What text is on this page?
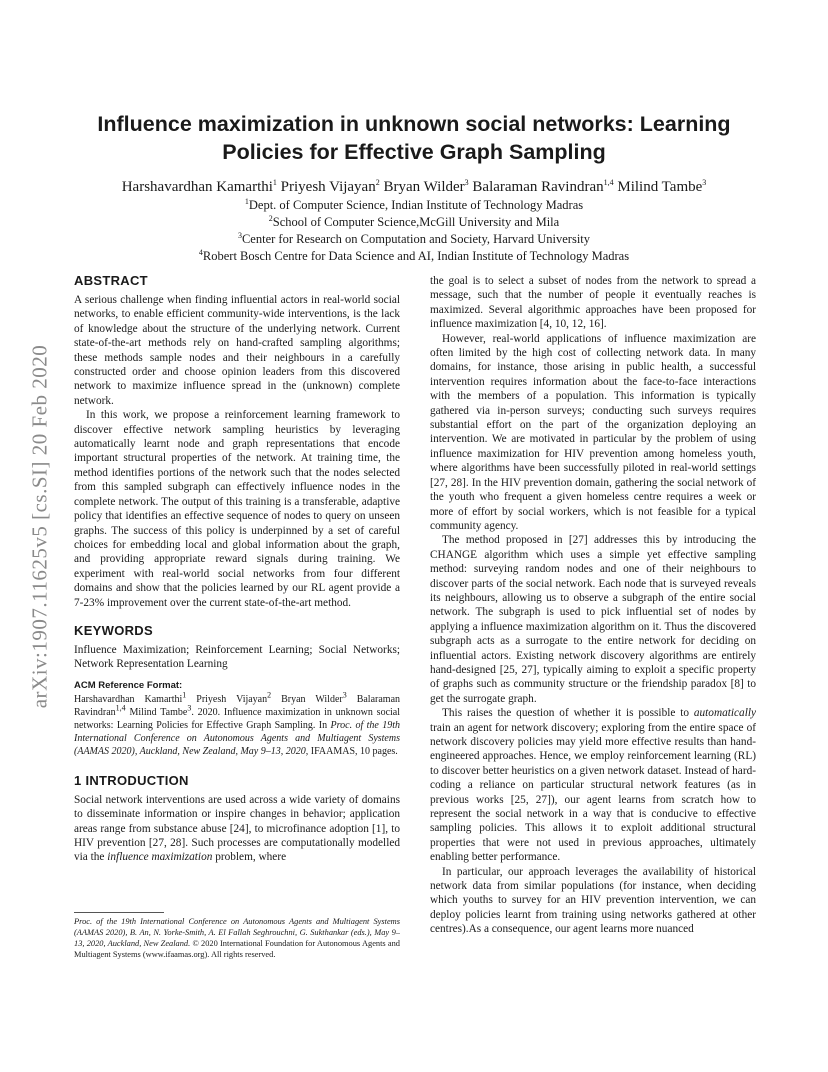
arXiv:1907.11625v5 [cs.SI] 20 Feb 2020
Influence maximization in unknown social networks: Learning
Policies for Effective Graph Sampling
Harshavardhan Kamarthi$^1$ Priyesh Vijayan$^2$ Bryan Wilder$^3$ Balaraman Ravindran$^{1,4}$ Milind Tambe$^3$
$^1$Dept. of Computer Science, Indian Institute of Technology Madras
$^2$School of Computer Science,McGill University and Mila
$^3$Center for Research on Computation and Society, Harvard University
$^4$Robert Bosch Centre for Data Science and AI, Indian Institute of Technology Madras
ABSTRACT

A serious challenge when finding influential actors in real-world social networks, to enable efficient community-wide interventions, is the lack of knowledge about the structure of the underlying network. Current state-of-the-art methods rely on hand-crafted sampling algorithms; these methods sample nodes and their neighbours in a carefully constructed order and choose opinion leaders from this discovered network to maximize influence spread in the (unknown) complete network.

In this work, we propose a reinforcement learning framework to discover effective network sampling heuristics by leveraging automatically learnt node and graph representations that encode important structural properties of the network. At training time, the method identifies portions of the network such that the nodes selected from this sampled subgraph can effectively influence nodes in the complete network. The output of this training is a transferable, adaptive policy that identifies an effective sequence of nodes to query on unseen graphs. The success of this policy is underpinned by a set of careful choices for embedding local and global information about the graph, and providing appropriate reward signals during training. We experiment with real-world social networks from four different domains and show that the policies learned by our RL agent provide a 7-23% improvement over the current state-of-the-art method.

KEYWORDS

Influence Maximization; Reinforcement Learning; Social Networks; Network Representation Learning

ACM Reference Format:

Harshavardhan Kamarthi$^1$ Priyesh Vijayan$^2$ Bryan Wilder$^3$ Balaraman Ravindran$^{1,4}$ Milind Tambe$^3$. 2020. Influence maximization in unknown social networks: Learning Policies for Effective Graph Sampling. In Proc. of the 19th International Conference on Autonomous Agents and Multiagent Systems (AAMAS 2020), Auckland, New Zealand, May 9–13, 2020, IFAAMAS, 10 pages.

1 INTRODUCTION

Social network interventions are used across a wide variety of domains to disseminate information or inspire changes in behavior; application areas range from substance abuse [24], to microfinance adoption [1], to HIV prevention [27, 28]. Such processes are computationally modelled via the influence maximization problem, where

Proc. of the 19th International Conference on Autonomous Agents and Multiagent Systems (AAMAS 2020), B. An, N. Yorke-Smith, A. El Fallah Seghrouchni, G. Sukthankar (eds.), May 9–13, 2020, Auckland, New Zealand. © 2020 International Foundation for Autonomous Agents and Multiagent Systems (www.ifaamas.org). All rights reserved.

the goal is to select a subset of nodes from the network to spread a message, such that the number of people it eventually reaches is maximized. Several algorithmic approaches have been proposed for influence maximization [4, 10, 12, 16].

However, real-world applications of influence maximization are often limited by the high cost of collecting network data. In many domains, for instance, those arising in public health, a successful intervention requires information about the face-to-face interactions with the members of a population. This information is typically gathered via in-person surveys; conducting such surveys requires substantial effort on the part of the organization deploying an intervention. We are motivated in particular by the problem of using influence maximization for HIV prevention among homeless youth, where algorithms have been successfully piloted in real-world settings [27, 28]. In the HIV prevention domain, gathering the social network of the youth who frequent a given homeless centre requires a week or more of effort by social workers, which is not feasible for a typical community agency.

The method proposed in [27] addresses this by introducing the CHANGE algorithm which uses a simple yet effective sampling method: surveying random nodes and one of their neighbours to discover parts of the social network. Each node that is surveyed reveals its neighbours, allowing us to observe a subgraph of the entire social network. The subgraph is used to pick influential set of nodes by applying a influence maximization algorithm on it. Thus the discovered subgraph acts as a surrogate to the entire network for deciding on influential actors. Existing network discovery algorithms are entirely hand-designed [25, 27], typically aiming to exploit a specific property of graphs such as community structure or the friendship paradox [8] to get the surrogate graph.

This raises the question of whether it is possible to automatically train an agent for network discovery; exploring from the entire space of network discovery policies may yield more effective results than hand-engineered approaches. Hence, we employ reinforcement learning (RL) to discover better heuristics on a given network dataset. Instead of hard-coding a reliance on particular structural network features (as in previous works [25, 27]), our agent learns from scratch how to represent the social network in a way that is conducive to effective sampling policies. This allows it to exploit additional structural properties that were not used in previous approaches, ultimately enabling better performance.

In particular, our approach leverages the availability of historical network data from similar populations (for instance, when deciding which youths to survey for an HIV prevention intervention, we can deploy policies learnt from training using networks gathered at other centres).As a consequence, our agent learns more nuanced
